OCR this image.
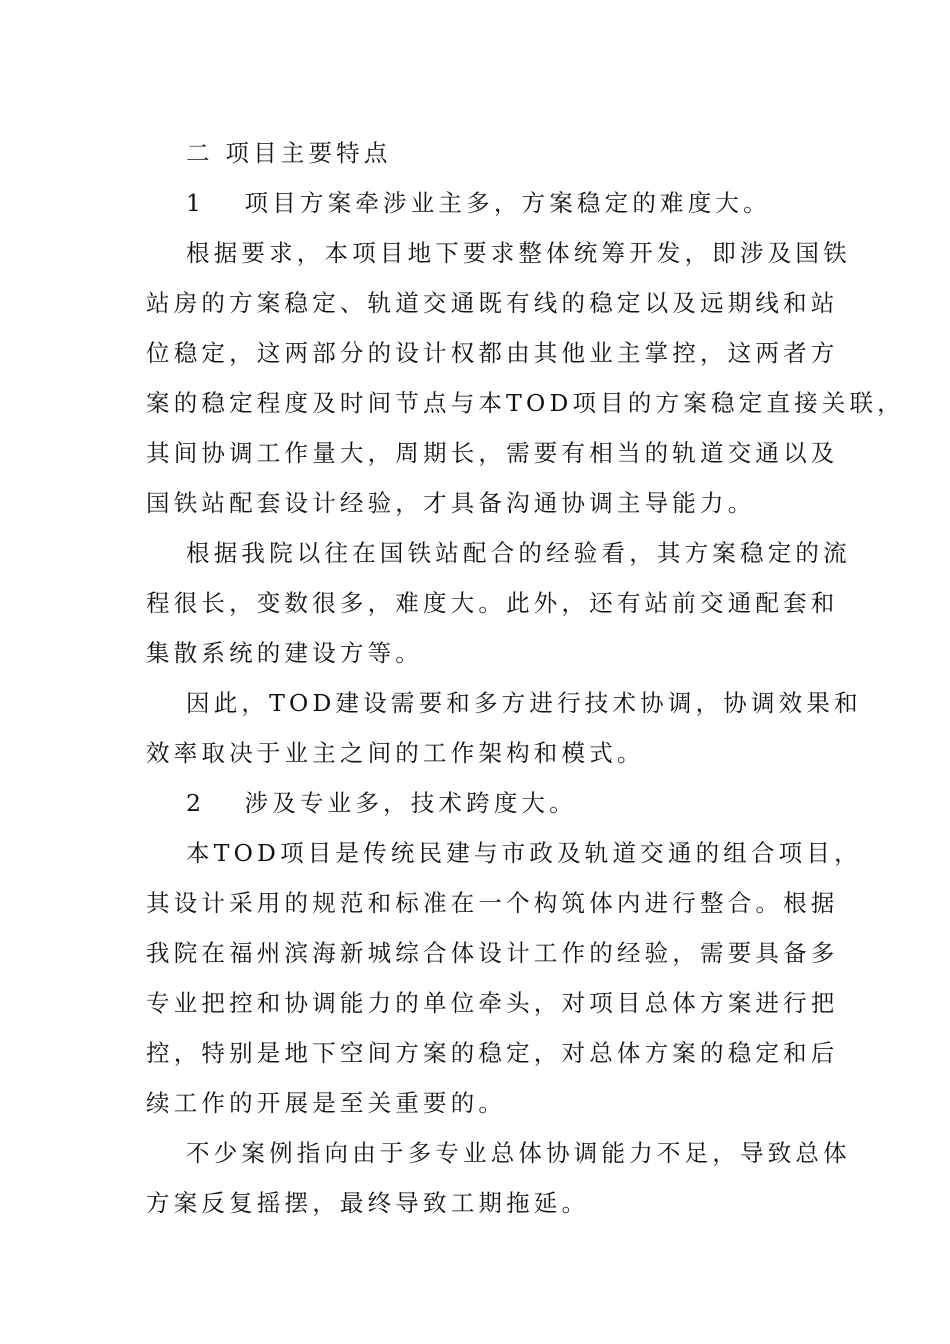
二 项目主要特点
1　 项目方案牵涉业主多，方案稳定的难度大。
根据要求，本项目地下要求整体统筹开发，即涉及国铁
站房的方案稳定、轨道交通既有线的稳定以及远期线和站
位稳定，这两部分的设计权都由其他业主掌控，这两者方
案的稳定程度及时间节点与本TOD项目的方案稳定直接关联，
其间协调工作量大，周期长，需要有相当的轨道交通以及
国铁站配套设计经验，才具备沟通协调主导能力。
根据我院以往在国铁站配合的经验看，其方案稳定的流
程很长，变数很多，难度大。此外，还有站前交通配套和
集散系统的建设方等。
因此，TOD建设需要和多方进行技术协调，协调效果和
效率取决于业主之间的工作架构和模式。
2　 涉及专业多，技术跨度大。
本TOD项目是传统民建与市政及轨道交通的组合项目，
其设计采用的规范和标准在一个构筑体内进行整合。根据
我院在福州滨海新城综合体设计工作的经验，需要具备多
专业把控和协调能力的单位牵头，对项目总体方案进行把
控，特别是地下空间方案的稳定，对总体方案的稳定和后
续工作的开展是至关重要的。
不少案例指向由于多专业总体协调能力不足，导致总体
方案反复摇摆，最终导致工期拖延。
